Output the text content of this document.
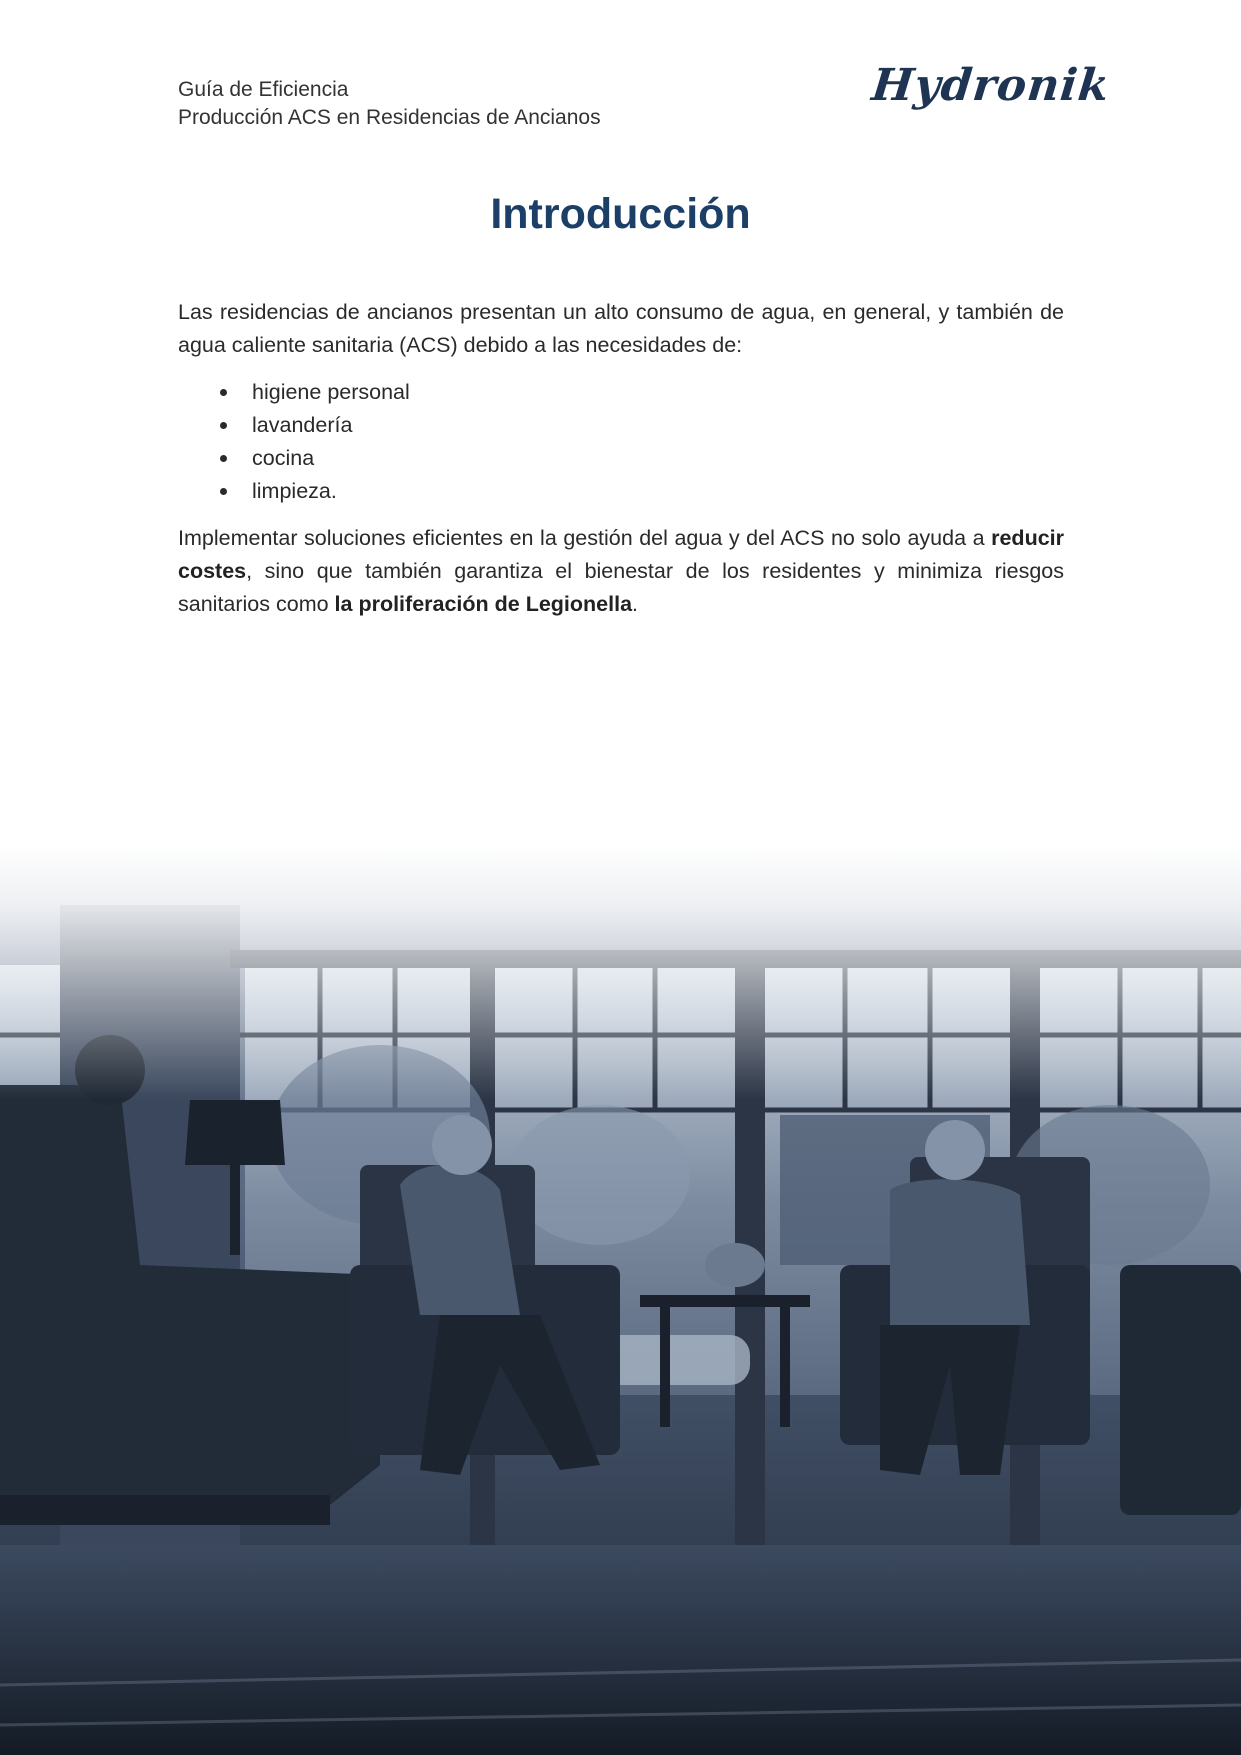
Guía de Eficiencia
Producción ACS en Residencias de Ancianos
Hydronik
Introducción

Las residencias de ancianos presentan un alto consumo de agua, en general, y también de agua caliente sanitaria (ACS) debido a las necesidades de:

higiene personal
lavandería
cocina
limpieza.

Implementar soluciones eficientes en la gestión del agua y del ACS no solo ayuda a reducir costes, sino que también garantiza el bienestar de los residentes y minimiza riesgos sanitarios como la proliferación de Legionella.
